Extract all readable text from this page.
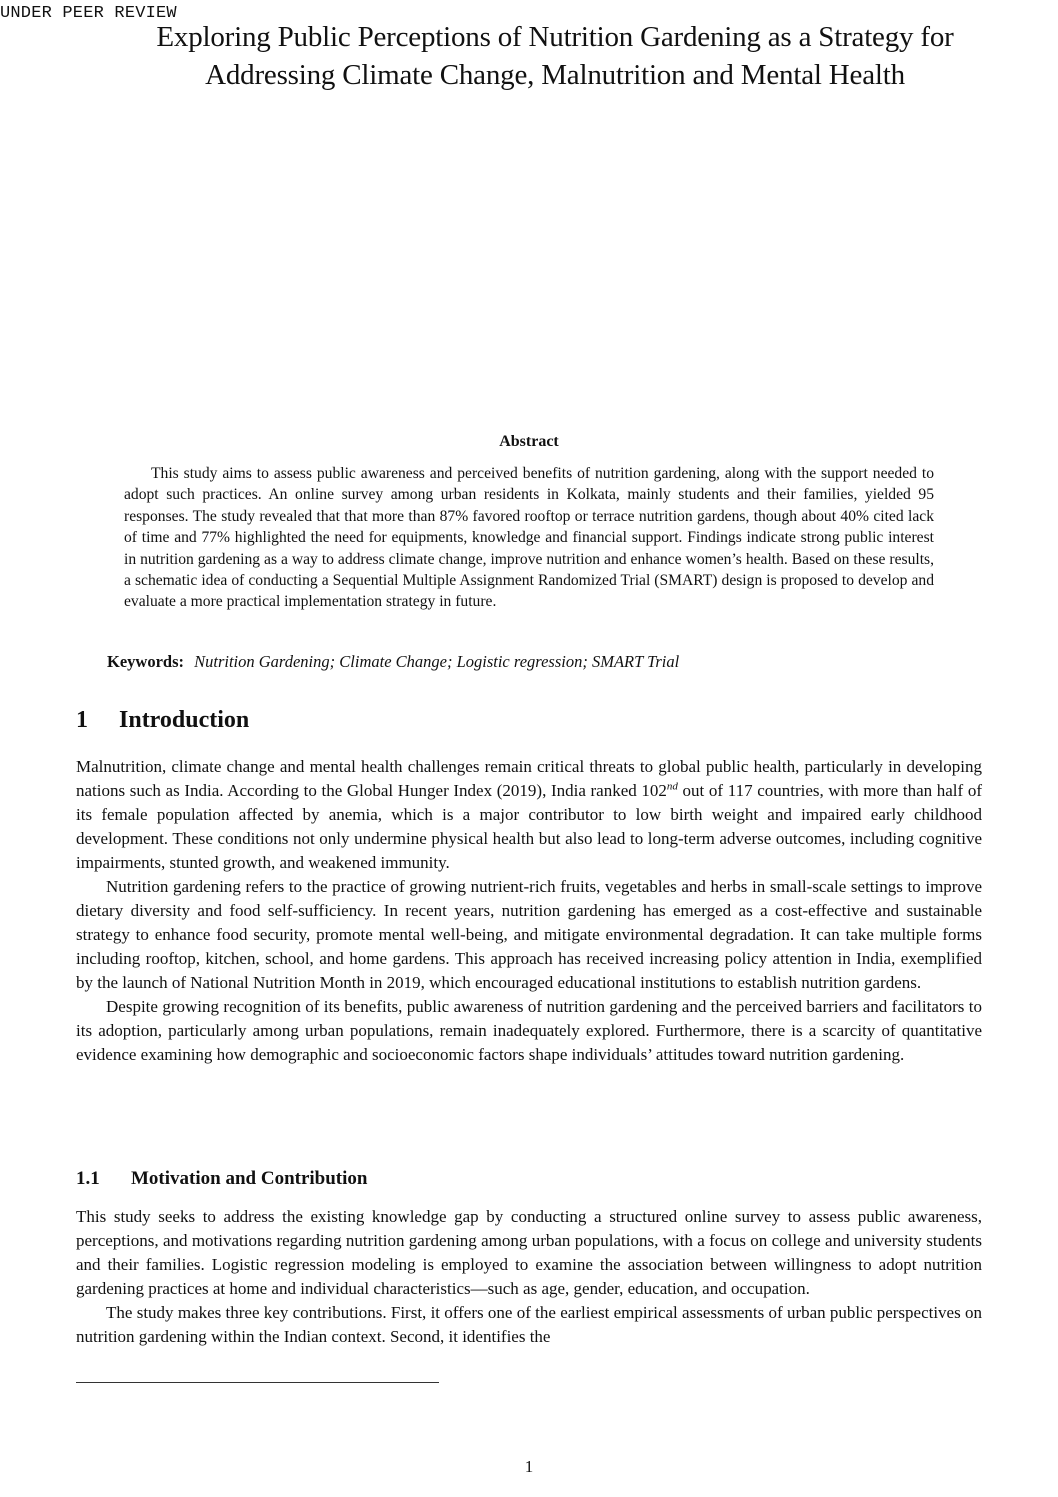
UNDER PEER REVIEW
Exploring Public Perceptions of Nutrition Gardening as a Strategy for
Addressing Climate Change, Malnutrition and Mental Health
Abstract

This study aims to assess public awareness and perceived benefits of nutrition gardening, along with the support needed to adopt such practices. An online survey among urban residents in Kolkata, mainly students and their families, yielded 95 responses. The study revealed that that more than 87% favored rooftop or terrace nutrition gardens, though about 40% cited lack of time and 77% highlighted the need for equipments, knowledge and financial support. Findings indicate strong public interest in nutrition gardening as a way to address climate change, improve nutrition and enhance women’s health. Based on these results, a schematic idea of conducting a Sequential Multiple Assignment Randomized Trial (SMART) design is proposed to develop and evaluate a more practical implementation strategy in future.

Keywords: Nutrition Gardening; Climate Change; Logistic regression; SMART Trial
1 Introduction

Malnutrition, climate change and mental health challenges remain critical threats to global public health, particularly in developing nations such as India. According to the Global Hunger Index (2019), India ranked 102nd out of 117 countries, with more than half of its female population affected by anemia, which is a major contributor to low birth weight and impaired early childhood development. These conditions not only undermine physical health but also lead to long-term adverse outcomes, including cognitive impairments, stunted growth, and weakened immunity.

Nutrition gardening refers to the practice of growing nutrient-rich fruits, vegetables and herbs in small-scale settings to improve dietary diversity and food self-sufficiency. In recent years, nutrition gardening has emerged as a cost-effective and sustainable strategy to enhance food security, promote mental well-being, and mitigate environmental degradation. It can take multiple forms including rooftop, kitchen, school, and home gardens. This approach has received increasing policy attention in India, exemplified by the launch of National Nutrition Month in 2019, which encouraged educational institutions to establish nutrition gardens.

Despite growing recognition of its benefits, public awareness of nutrition gardening and the perceived barriers and facilitators to its adoption, particularly among urban populations, remain inadequately explored. Furthermore, there is a scarcity of quantitative evidence examining how demographic and socioeconomic factors shape individuals’ attitudes toward nutrition gardening.

1.1 Motivation and Contribution

This study seeks to address the existing knowledge gap by conducting a structured online survey to assess public awareness, perceptions, and motivations regarding nutrition gardening among urban populations, with a focus on college and university students and their families. Logistic regression modeling is employed to examine the association between willingness to adopt nutrition gardening practices at home and individual characteristics—such as age, gender, education, and occupation.

The study makes three key contributions. First, it offers one of the earliest empirical assessments of urban public perspectives on nutrition gardening within the Indian context. Second, it identifies the

1
